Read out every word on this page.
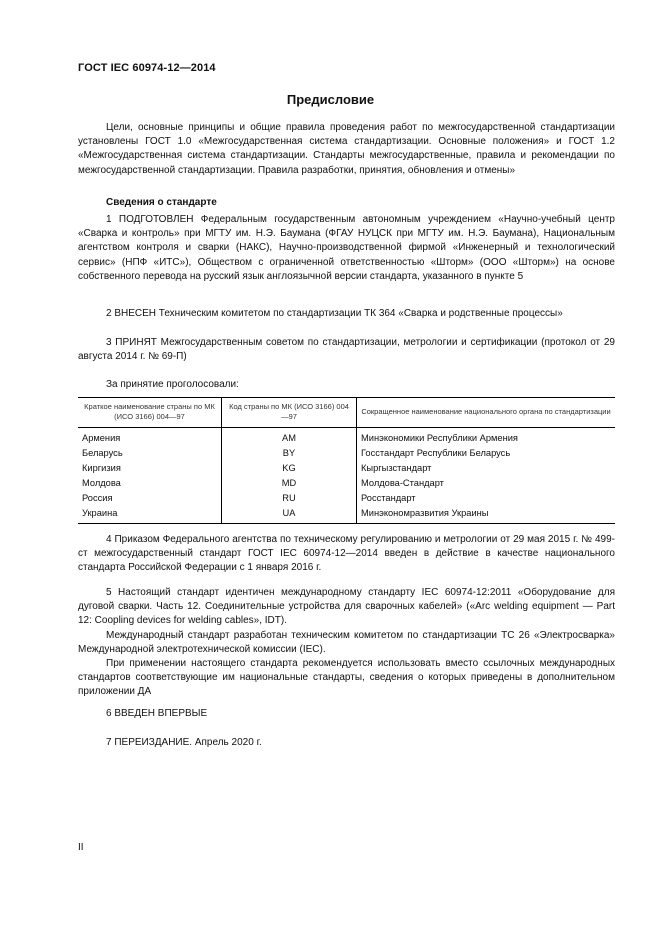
ГОСТ IEC 60974-12—2014
Предисловие

Цели, основные принципы и общие правила проведения работ по межгосударственной стандартизации установлены ГОСТ 1.0 «Межгосударственная система стандартизации. Основные положения» и ГОСТ 1.2 «Межгосударственная система стандартизации. Стандарты межгосударственные, правила и рекомендации по межгосударственной стандартизации. Правила разработки, принятия, обновления и отмены»

Сведения о стандарте

1 ПОДГОТОВЛЕН Федеральным государственным автономным учреждением «Научно-учебный центр «Сварка и контроль» при МГТУ им. Н.Э. Баумана (ФГАУ НУЦСК при МГТУ им. Н.Э. Баумана), Национальным агентством контроля и сварки (НАКС), Научно-производственной фирмой «Инженерный и технологический сервис» (НПФ «ИТС»), Обществом с ограниченной ответственностью «Шторм» (ООО «Шторм») на основе собственного перевода на русский язык англоязычной версии стандарта, указанного в пункте 5

2 ВНЕСЕН Техническим комитетом по стандартизации ТК 364 «Сварка и родственные процессы»

3 ПРИНЯТ Межгосударственным советом по стандартизации, метрологии и сертификации (протокол от 29 августа 2014 г. № 69-П)

За принятие проголосовали:

Краткое наименование страны по МК (ИСО 3166) 004—97	Код страны по МК (ИСО 3166) 004—97	Сокращенное наименование национального органа по стандартизации
Армения	AM	Минэкономики Республики Армения
Беларусь	BY	Госстандарт Республики Беларусь
Киргизия	KG	Кыргызстандарт
Молдова	MD	Молдова-Стандарт
Россия	RU	Росстандарт
Украина	UA	Минэкономразвития Украины

4 Приказом Федерального агентства по техническому регулированию и метрологии от 29 мая 2015 г. № 499-ст межгосударственный стандарт ГОСТ IEC 60974-12—2014 введен в действие в качестве национального стандарта Российской Федерации с 1 января 2016 г.

5 Настоящий стандарт идентичен международному стандарту IEC 60974-12:2011 «Оборудование для дуговой сварки. Часть 12. Соединительные устройства для сварочных кабелей» («Arc welding equipment — Part 12: Coopling devices for welding cables», IDT).

Международный стандарт разработан техническим комитетом по стандартизации TC 26 «Электросварка» Международной электротехнической комиссии (IEC).

При применении настоящего стандарта рекомендуется использовать вместо ссылочных международных стандартов соответствующие им национальные стандарты, сведения о которых приведены в дополнительном приложении ДА

6 ВВЕДЕН ВПЕРВЫЕ

7 ПЕРЕИЗДАНИЕ. Апрель 2020 г.

II
